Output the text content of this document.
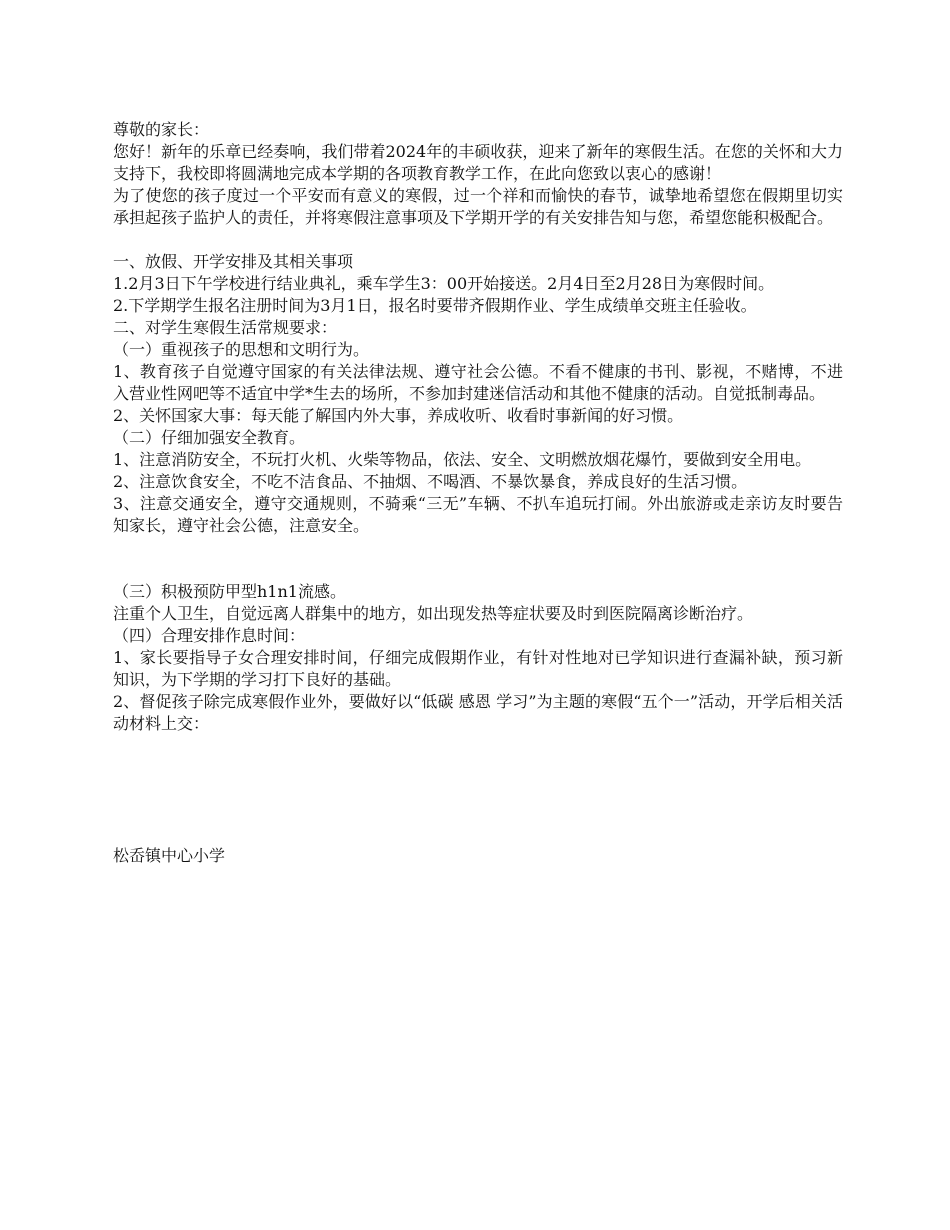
尊敬的家长：

您好！新年的乐章已经奏响，我们带着2024年的丰硕收获，迎来了新年的寒假生活。在您的关怀和大力支持下，我校即将圆满地完成本学期的各项教育教学工作，在此向您致以衷心的感谢！

为了使您的孩子度过一个平安而有意义的寒假，过一个祥和而愉快的春节，诚挚地希望您在假期里切实承担起孩子监护人的责任，并将寒假注意事项及下学期开学的有关安排告知与您，希望您能积极配合。

一、放假、开学安排及其相关事项

1.2月3日下午学校进行结业典礼，乘车学生3：00开始接送。2月4日至2月28日为寒假时间。

2.下学期学生报名注册时间为3月1日，报名时要带齐假期作业、学生成绩单交班主任验收。

二、对学生寒假生活常规要求：

（一）重视孩子的思想和文明行为。

1、教育孩子自觉遵守国家的有关法律法规、遵守社会公德。不看不健康的书刊、影视，不赌博，不进入营业性网吧等不适宜中学*生去的场所，不参加封建迷信活动和其他不健康的活动。自觉抵制毒品。

2、关怀国家大事：每天能了解国内外大事，养成收听、收看时事新闻的好习惯。

（二）仔细加强安全教育。

1、注意消防安全，不玩打火机、火柴等物品，依法、安全、文明燃放烟花爆竹，要做到安全用电。

2、注意饮食安全，不吃不洁食品、不抽烟、不喝酒、不暴饮暴食，养成良好的生活习惯。

3、注意交通安全，遵守交通规则，不骑乘“三无”车辆、不扒车追玩打闹。外出旅游或走亲访友时要告知家长，遵守社会公德，注意安全。

（三）积极预防甲型h1n1流感。

注重个人卫生，自觉远离人群集中的地方，如出现发热等症状要及时到医院隔离诊断治疗。

（四）合理安排作息时间：

1、家长要指导子女合理安排时间，仔细完成假期作业，有针对性地对已学知识进行查漏补缺，预习新知识，为下学期的学习打下良好的基础。

2、督促孩子除完成寒假作业外，要做好以“低碳 感恩 学习”为主题的寒假“五个一”活动，开学后相关活动材料上交：

松岙镇中心小学
